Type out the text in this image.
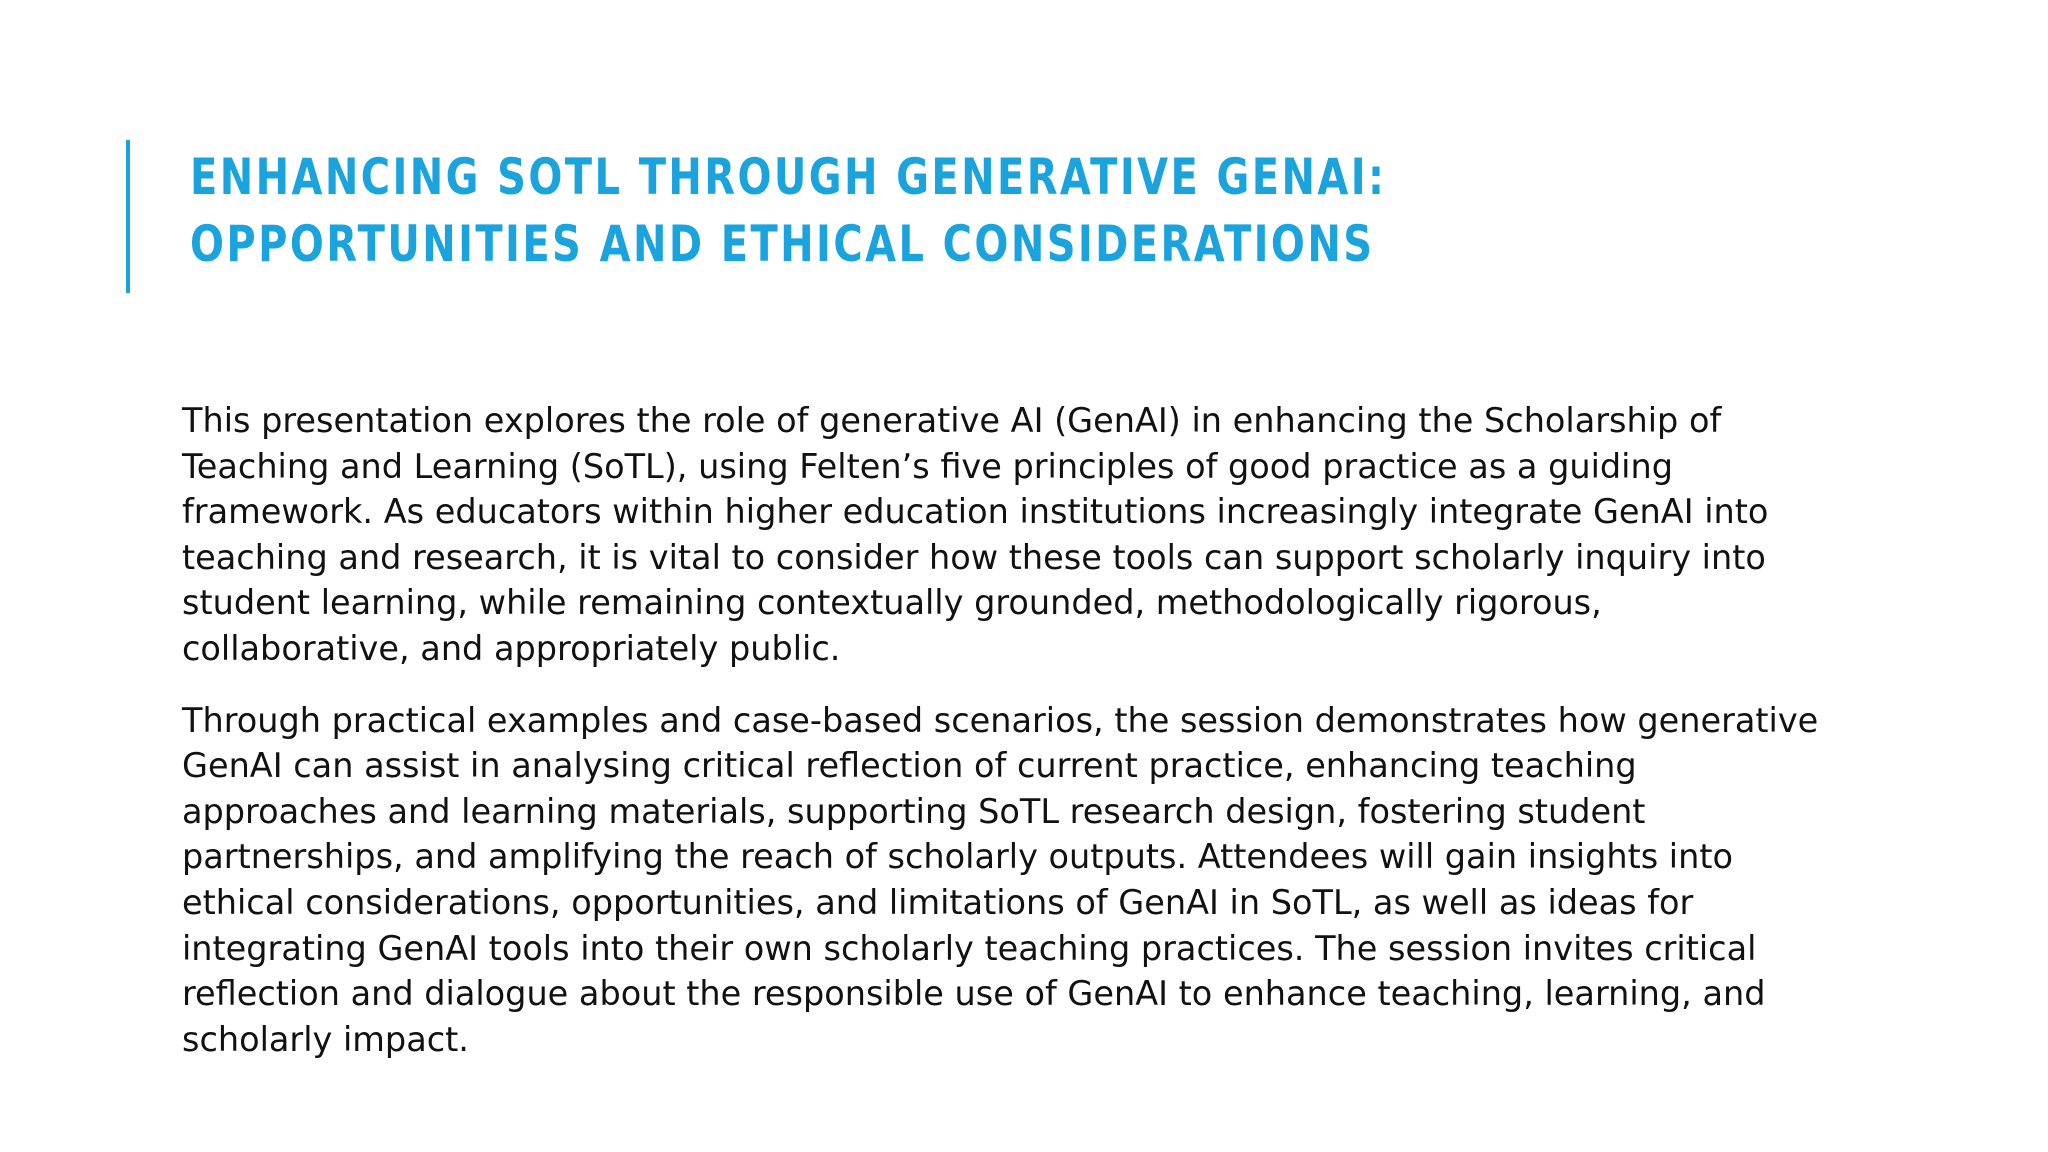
ENHANCING SOTL THROUGH GENERATIVE GENAI:
OPPORTUNITIES AND ETHICAL CONSIDERATIONS

This presentation explores the role of generative AI (GenAI) in enhancing the Scholarship of Teaching and Learning (SoTL), using Felten’s five principles of good practice as a guiding framework. As educators within higher education institutions increasingly integrate GenAI into teaching and research, it is vital to consider how these tools can support scholarly inquiry into student learning, while remaining contextually grounded, methodologically rigorous, collaborative, and appropriately public.

Through practical examples and case-based scenarios, the session demonstrates how generative GenAI can assist in analysing critical reflection of current practice, enhancing teaching approaches and learning materials, supporting SoTL research design, fostering student partnerships, and amplifying the reach of scholarly outputs. Attendees will gain insights into ethical considerations, opportunities, and limitations of GenAI in SoTL, as well as ideas for integrating GenAI tools into their own scholarly teaching practices. The session invites critical reflection and dialogue about the responsible use of GenAI to enhance teaching, learning, and scholarly impact.
